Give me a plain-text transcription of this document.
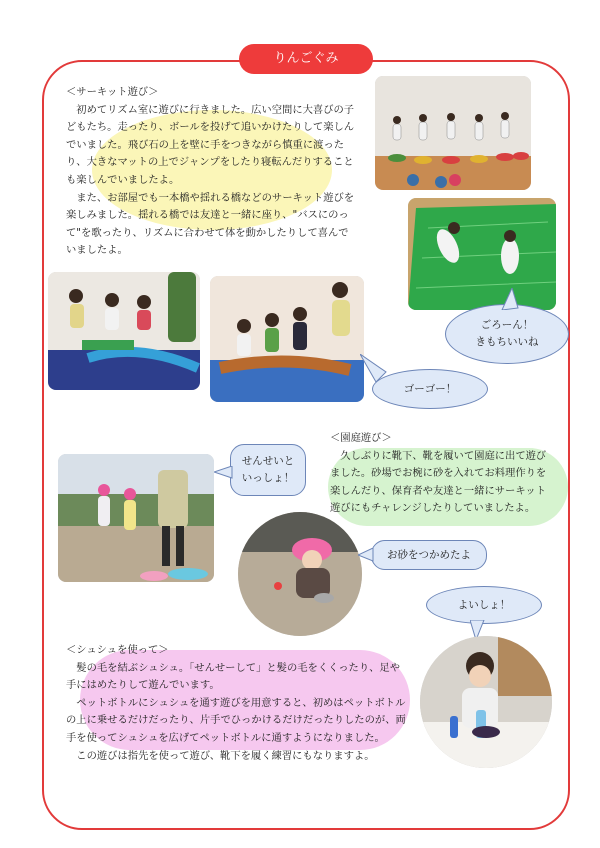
りんごぐみ

＜サーキット遊び＞

初めてリズム室に遊びに行きました。広い空間に大喜びの子

どもたち。走ったり、ボールを投げて追いかけたりして楽しん

でいました。飛び石の上を壁に手をつきながら慎重に渡った

り、大きなマットの上でジャンプをしたり寝転んだりすること

も楽しんでいましたよ。

また、お部屋でも一本橋や揺れる橋などのサーキット遊びを

楽しみました。揺れる橋では友達と一緒に座り、"バスにのっ

て"を歌ったり、リズムに合わせて体を動かしたりして喜んで

いましたよ。

ごろーん！
きもちいいね
ゴーゴー！

＜園庭遊び＞

久しぶりに靴下、靴を履いて園庭に出て遊び

ました。砂場でお椀に砂を入れてお料理作りを

楽しんだり、保育者や友達と一緒にサーキット

遊びにもチャレンジしたりしていましたよ。

せんせいと
いっしょ！
お砂をつかめたよ
よいしょ！

＜シュシュを使って＞

髪の毛を結ぶシュシュ。「せんせーして」と髪の毛をくくったり、足や

手にはめたりして遊んでいます。

ペットボトルにシュシュを通す遊びを用意すると、初めはペットボトル

の上に乗せるだけだったり、片手でひっかけるだけだったりしたのが、両

手を使ってシュシュを広げてペットボトルに通すようになりました。

この遊びは指先を使って遊び、靴下を履く練習にもなりますよ。
